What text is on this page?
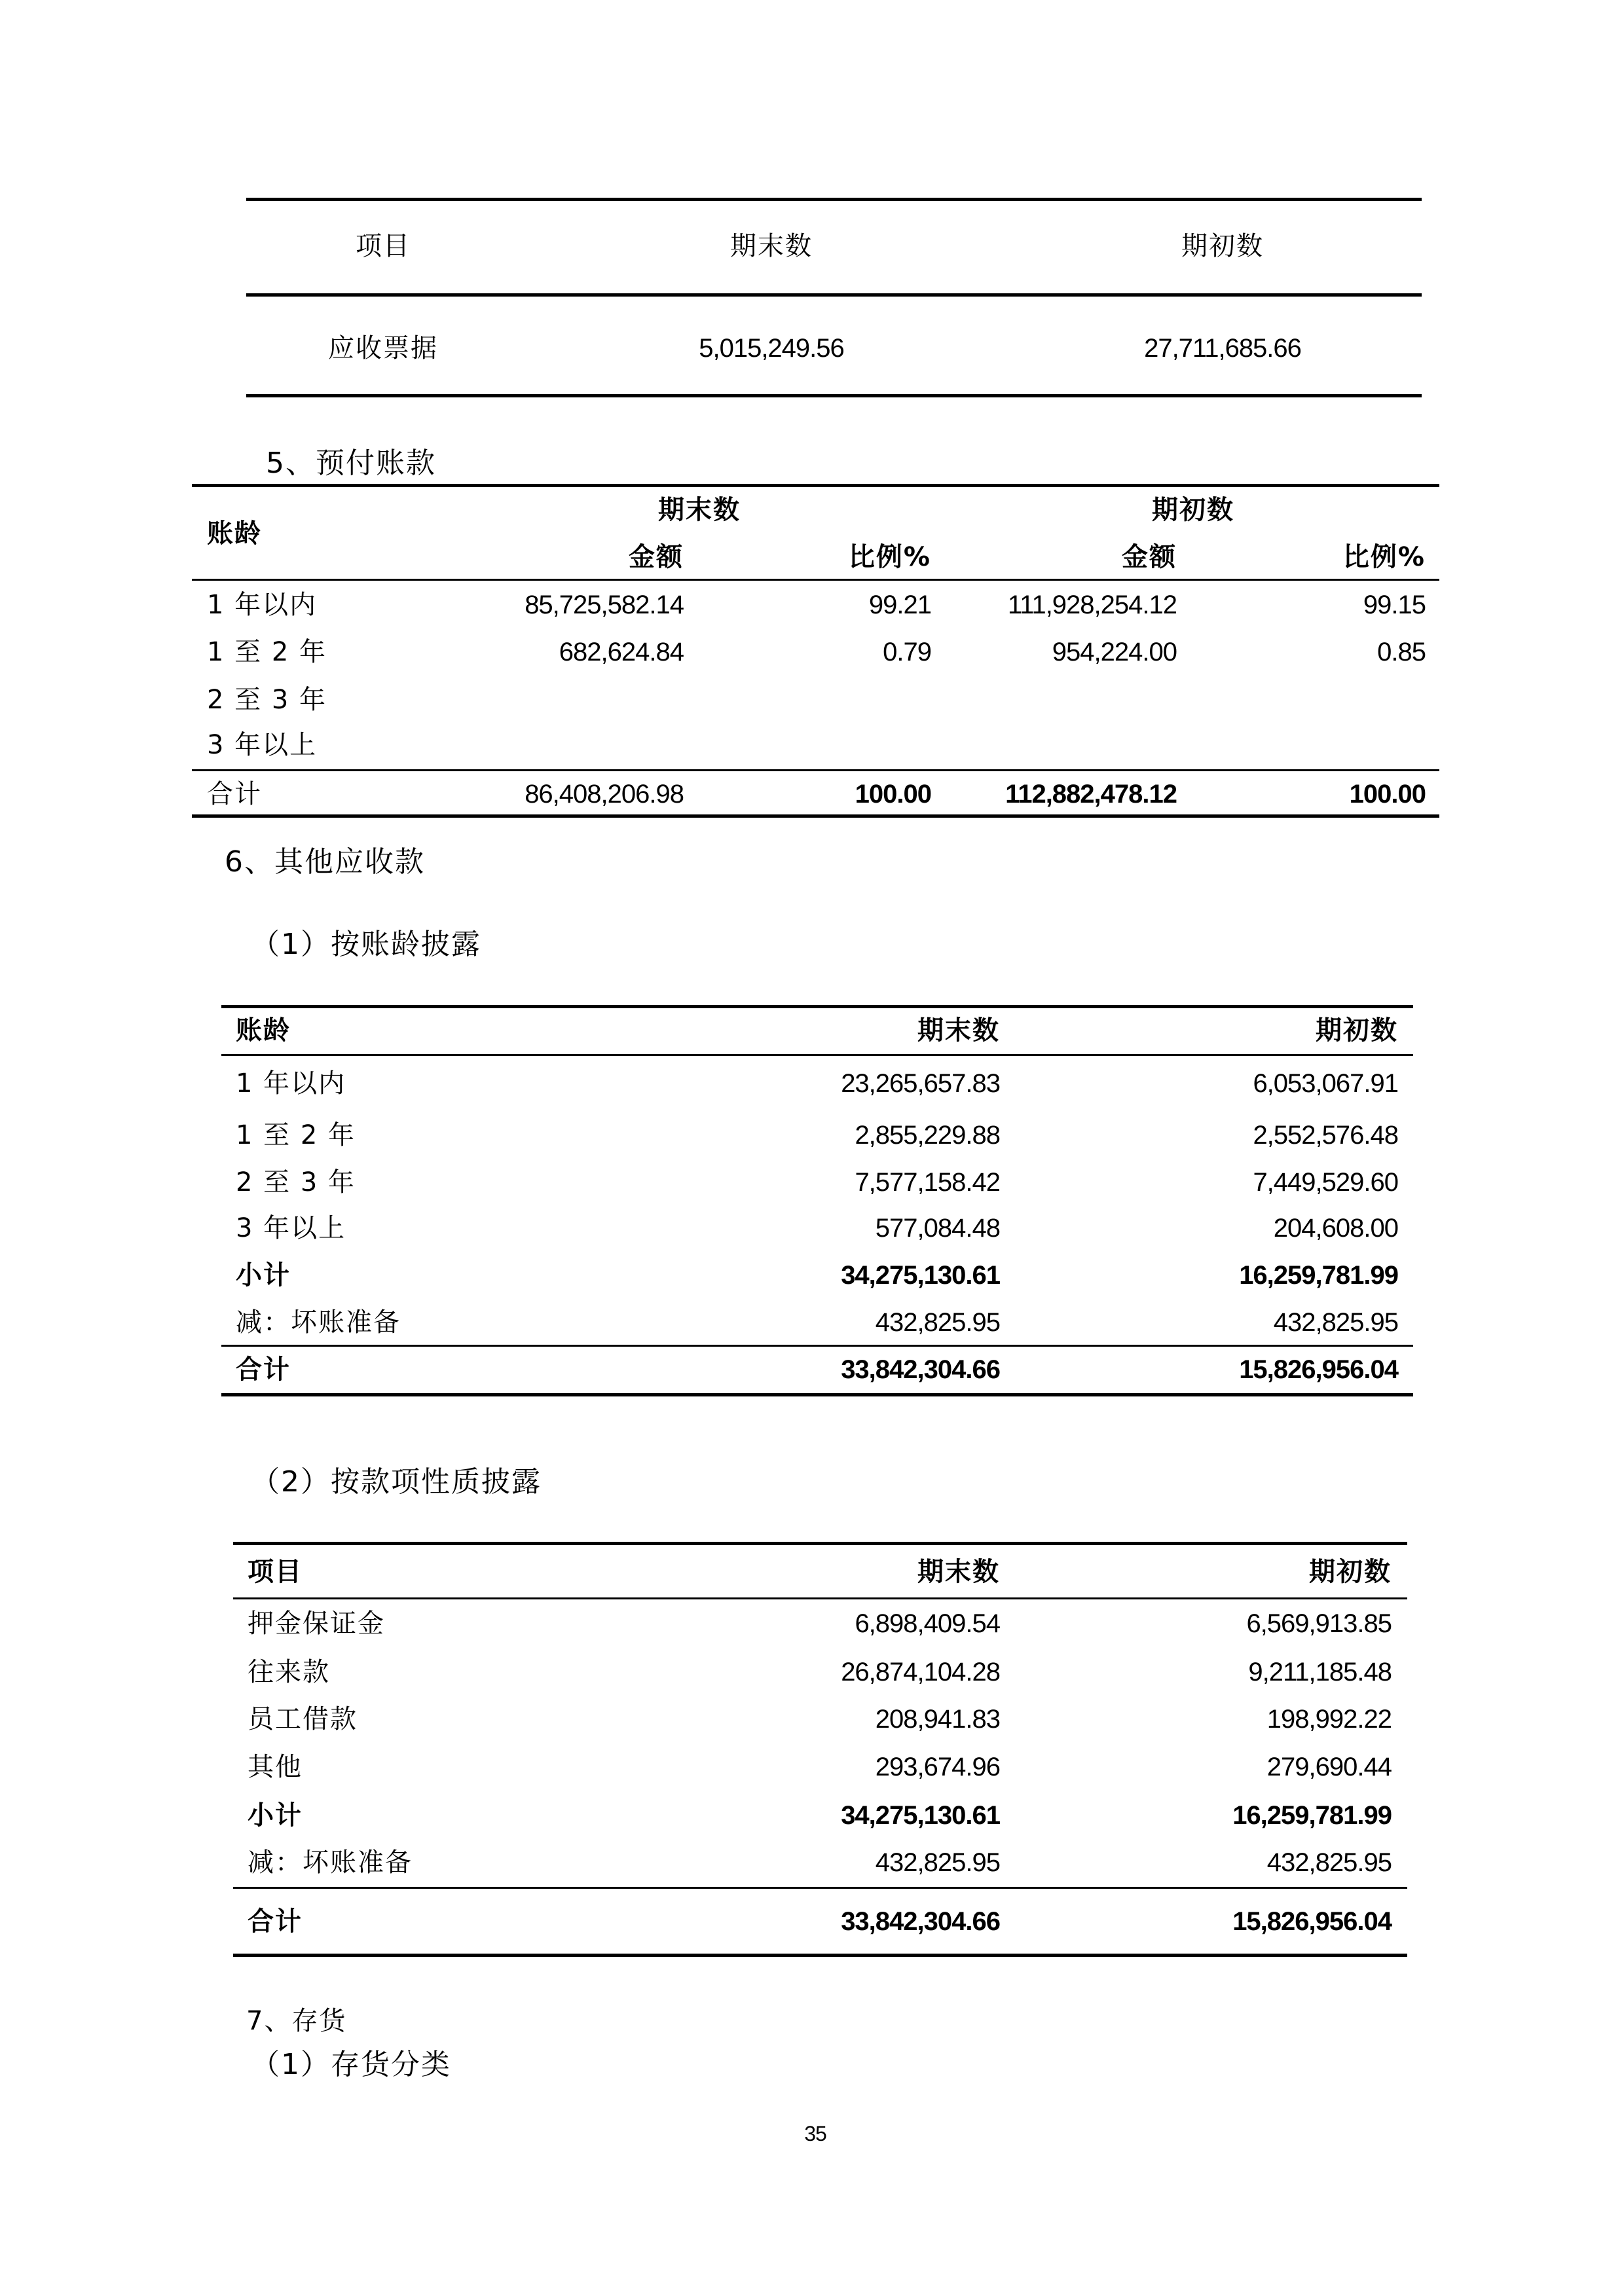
项目	期末数	期初数
应收票据	5,015,249.56	27,711,685.66
5、预付账款
账龄
期末数	期初数
金额	比例%	金额	比例%
1 年以内	85,725,582.14	99.21	111,928,254.12	99.15
1 至 2 年	682,624.84	0.79	954,224.00	0.85
2 至 3 年
3 年以上
合计	86,408,206.98	100.00	112,882,478.12	100.00
6、其他应收款
（1）按账龄披露
账龄	期末数	期初数
1 年以内	23,265,657.83	6,053,067.91
1 至 2 年	2,855,229.88	2,552,576.48
2 至 3 年	7,577,158.42	7,449,529.60
3 年以上	577,084.48	204,608.00
小计	34,275,130.61	16,259,781.99
减：坏账准备	432,825.95	432,825.95
合计	33,842,304.66	15,826,956.04
（2）按款项性质披露
项目	期末数	期初数
押金保证金	6,898,409.54	6,569,913.85
往来款	26,874,104.28	9,211,185.48
员工借款	208,941.83	198,992.22
其他	293,674.96	279,690.44
小计	34,275,130.61	16,259,781.99
减：坏账准备	432,825.95	432,825.95
合计	33,842,304.66	15,826,956.04
7、存货
（1）存货分类
35
